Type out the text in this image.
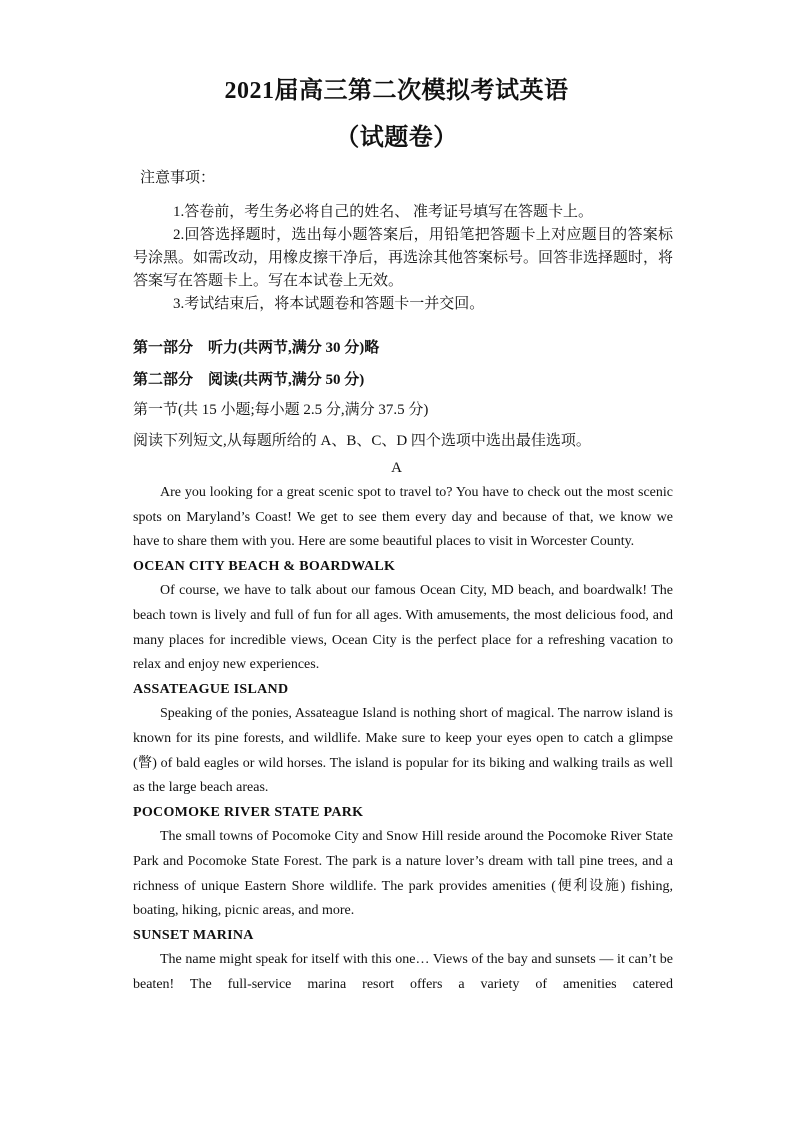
2021届高三第二次模拟考试英语
（试题卷）
注意事项：

1.答卷前，考生务必将自己的姓名、 准考证号填写在答题卡上。

2.回答选择题时，选出每小题答案后，用铅笔把答题卡上对应题目的答案标号涂黑。如需改动，用橡皮擦干净后，再选涂其他答案标号。回答非选择题时，将答案写在答题卡上。写在本试卷上无效。

3.考试结束后，将本试题卷和答题卡一并交回。

第一部分　听力(共两节,满分 30 分)略
第二部分　阅读(共两节,满分 50 分)
第一节(共 15 小题;每小题 2.5 分,满分 37.5 分)
阅读下列短文,从每题所给的 A、B、C、D 四个选项中选出最佳选项。
A

Are you looking for a great scenic spot to travel to? You have to check out the most scenic spots on Maryland’s Coast! We get to see them every day and because of that, we know we have to share them with you. Here are some beautiful places to visit in Worcester County.

OCEAN CITY BEACH & BOARDWALK

Of course, we have to talk about our famous Ocean City, MD beach, and boardwalk! The beach town is lively and full of fun for all ages. With amusements, the most delicious food, and many places for incredible views, Ocean City is the perfect place for a refreshing vacation to relax and enjoy new experiences.

ASSATEAGUE ISLAND

Speaking of the ponies, Assateague Island is nothing short of magical. The narrow island is known for its pine forests, and wildlife. Make sure to keep your eyes open to catch a glimpse (瞥) of bald eagles or wild horses. The island is popular for its biking and walking trails as well as the large beach areas.

POCOMOKE RIVER STATE PARK

The small towns of Pocomoke City and Snow Hill reside around the Pocomoke River State Park and Pocomoke State Forest. The park is a nature lover’s dream with tall pine trees, and a richness of unique Eastern Shore wildlife. The park provides amenities (便利设施) fishing, boating, hiking, picnic areas, and more.

SUNSET MARINA

The name might speak for itself with this one… Views of the bay and sunsets — it can’t be beaten! The full-service marina resort offers a variety of amenities catered
